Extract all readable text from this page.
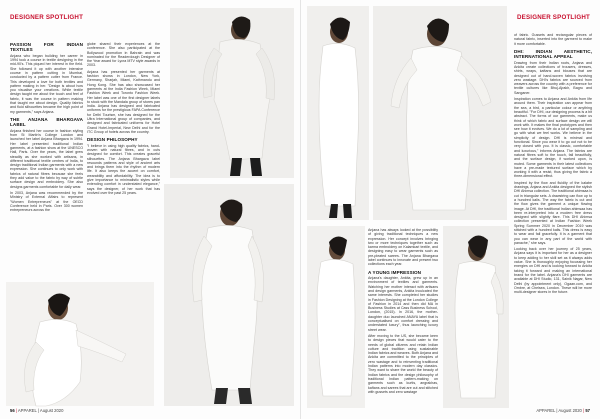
DESIGNER SPOTLIGHT
PASSION FOR INDIAN TEXTILES

Anjana who began building her career in 1994 took a course in textile designing in the mid-90's. This piqued her interest in the field. She followed it up with another intensive course in pattern cutting in Mumbai, conducted by a pattern cutter from France. This developed a love for both textiles and pattern making in her. "Design is about how you visualise your creations. While textile design taught me about the touch and feel of fabric, it was the course in pattern making that taught me about design. Quality fabrics and fluid silhouettes became the high point of my garments," says Anjana.

THE ANJANA BHARGAVA LABEL

Anjana finished her course in fashion styling from St Martin's College London and launched her label Anjana Bhargava in 1994. Her label presented traditional Indian garments, at a fashion show at the UNESCO Hall, Paris. Over the years, the label grew steadily as she worked with artisans, in different traditional textile centres of India, to design traditional Indian garments with a new expression. She continues to only work with fabrics of natural fibres because she feels they add value to the fabric by way of subtle surface design and embroidery. She also designs garments comfortable for daily wear.

In 2003, Anjana was recommended by the Ministry of External Affairs to represent "Women Entrepreneurs" at the OECD Conference held in Paris. Over 300 women entrepreneurs across the

globe shared their experiences at the conference. She also participated at the Bollywood promotion in Bahrain and was nominated for the Readerdough Designer of the Year award for Lycra MTV style awards in 2003.

Anjana has presented her garments at fashion shows in London, New York, Germany, Sharjah, Miami, Kathmandu and Hong Kong. She has also showcased her garments at the India Fashion Week, Miami Fashion Week and Toronto Fashion Week. Her label was one of the first designer labels to stock with the Mandala group of stores pan India. Anjana has designed and fabricated uniforms for the prestigious FAPA Conference for Delhi Tourism, she has designed for the Ultra International group of companies, and designed and fabricated uniforms for Hotel Grand Hotel-Imperial, New Delhi and for the ITC Group of hotels across the country.

DESIGN PHILOSOPHY

"I believe in using high quality fabrics, hand-woven with natural fibres, and in cuts designed for comfort. This creates graceful silhouettes. The Anjana Bhargava label resounds patterns and style of ancient arts and brings them into the rhythm of modern life. It also keeps the accent on comfort, wearability and affordability. The idea is to give importance to minimalistic styles while extending comfort in understated elegance," says the designer, of her work that has evolved over the past 25 years.

56 | APPAREL | August 2020
DESIGNER SPOTLIGHT

Anjana has always looked at the possibility of giving traditional techniques a new expression. Her concept involves bringing two or more techniques together such as karma embroidery on Kalamkari textile, and designing easy to wear garments such as pre-pleated sarees. The Anjana Bhargava label continues to innovate and present two collections each year.

A YOUNG IMPRESSION

Anjana's daughter, Ankita, grew up in an environment of textiles and garments. Watching her mother interact with artisans and design garments, Ankita inculcated the same interests. She completed her studies in Fashion Designing at the London College of Fashion in 2014 and then did MA in Business Studies at Cass Business School, London, (2015). In 2016, the mother-daughter duo launched ANAYA label that is conceptualised on comfort dressing and understated luxury", thus launching luxury street wear.

After moving to the US, she became keen to design pieces that would cater to the needs of global citizens and retain Indian culture and tradition using sustainable Indian fabrics and weaves. Both Anjana and Ankita are committed to the principles of zero wastage and to reinventing traditional Indian patterns into modern day classics. They want to share the world the beauty of Indian fabrics and the design philosophy of traditional Indian pattern-making on garments such as kurtis, angrakhas, kaftans and sarees that are cut and stitched with gussets and zero wastage

of fabric. Gussets and rectangular pieces of natural fabric, inserted into the garment to make it more comfortable.

DHI: INDIAN AESTHETIC, INTERNATIONAL APPEAL

Drawing from their Indian roots, Anjana and Ankita create collections of trousers, dresses, shirts, wraps, kaftans and blouses that are designed out of hand-woven fabrics involving zero wastage. DHI's fabrics are sourced from weavers across the country with a preference for textile cultures like Bhuj-Ajrakh, Bagru and Sanganer.

Inspiration comes to Anjana and Ankita from life around them. Their inspiration can appear from the sea, a bird, a particular colour or anything beautiful. "For DHI, our designing process is a bit abstract. The forms of our garments, make us think of which fabric and surface design we will work with. It makes the final prototypes and then see how it evolves. We do a lot of sampling and go with what we feel works. We believe in the simplicity of design. DHI is minimal and functional. Since you wear it to go out not to be very closed with you. It is classic, comfortable and luxurious," informs Anjana. The fabrics are natural fibres soft to the touch, fall beautifully, and the surface design, if worked upon, is muted. Some garments in their latest collections have a pre-made textured surface which by working it with a resist, thus giving the fabric a three-dimensional effect.

Inspired by the flow and fluidity of the kalabe drawings, Anjana and Ankita designed the stylish DHI Ahimsa collection. The traditional ahimsaa is cut in triangular sets. A drawstring can flow up to a hundred kalis. The way the fabric is cut and the flow gives the garment a unique flowing image. At DHI, the traditional Indian ahimsaa has been re-interpreted into a modern free dress designed with slightly flare. This DHI Ahimsa collection presented at Indian Fashion Week Spring Summer 2020 in December 2019 was stitched with a hundred kalis. This dress is easy to wear and fall gracefully. It is a garment that you can wear in any part of the world with panache," she says.

Looking back over her journey of 25 years, Anjana says it is important for her as a designer to keep adding to her skill set as it always adds value. She is thoroughly enjoying focussing her energies on DHI and is looking forward to Ankita taking it forward and making an international brand for the label. Anjana's DHI garments are available at DHI Studio, 131, Sainik Nagar, New Delhi (by appointment only), Ogaan.com, and Ombre, at Chelsea, London. These will be more multi-designer stores in the future.

APPAREL | August 2020 | 57
